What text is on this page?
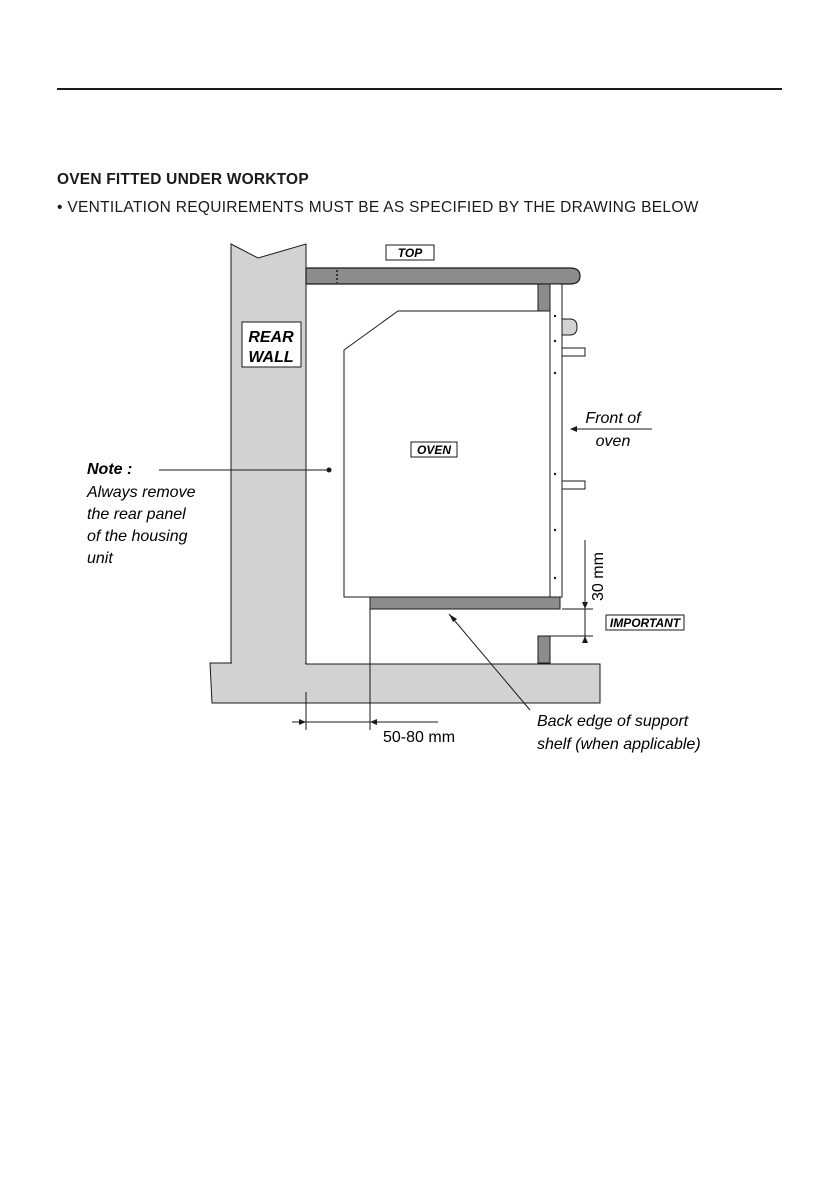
OVEN FITTED UNDER WORKTOP
• VENTILATION REQUIREMENTS MUST BE AS SPECIFIED BY THE DRAWING BELOW
TOP
REAR
WALL
OVEN
Front of
oven
Note :
Always remove
the rear panel
of the housing
unit	30 mm
IMPORTANT
50-80 mm
Back edge of support
shelf (when applicable)
